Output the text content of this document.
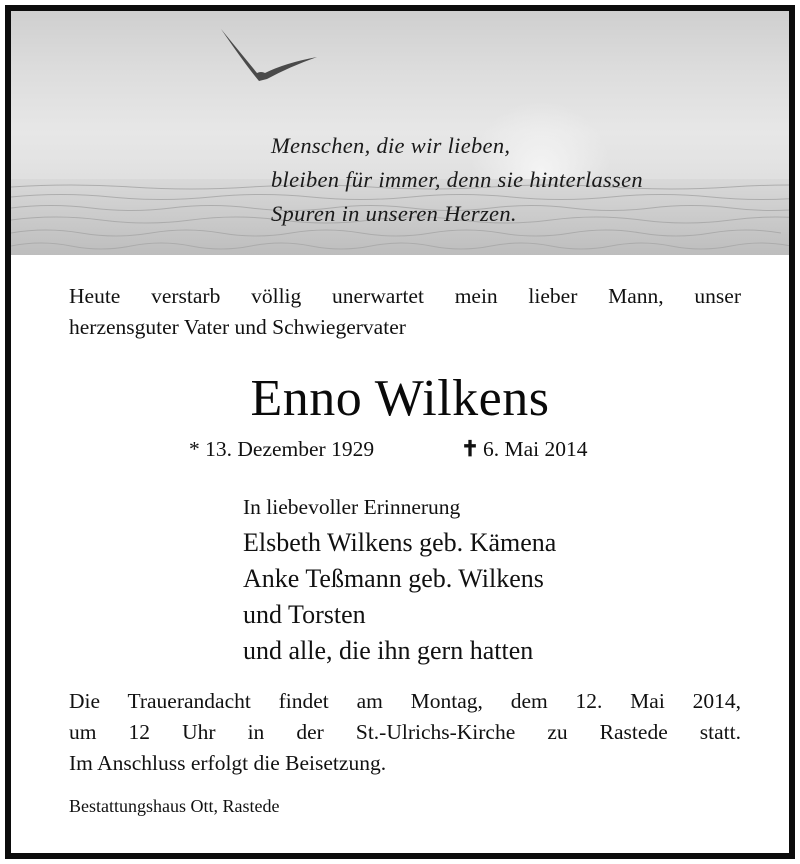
Menschen, die wir lieben,
bleiben für immer, denn sie hinterlassen
Spuren in unseren Herzen.
Heute verstarb völlig unerwartet mein lieber Mann, unser
herzensguter Vater und Schwiegervater
Enno Wilkens
* 13. Dezember 1929	✝ 6. Mai 2014
In liebevoller Erinnerung
Elsbeth Wilkens geb. Kämena
Anke Teßmann geb. Wilkens
und Torsten
und alle, die ihn gern hatten
Die Trauerandacht findet am Montag, dem 12. Mai 2014,
um 12 Uhr in der St.-Ulrichs-Kirche zu Rastede statt.
Im Anschluss erfolgt die Beisetzung.
Bestattungshaus Ott, Rastede
